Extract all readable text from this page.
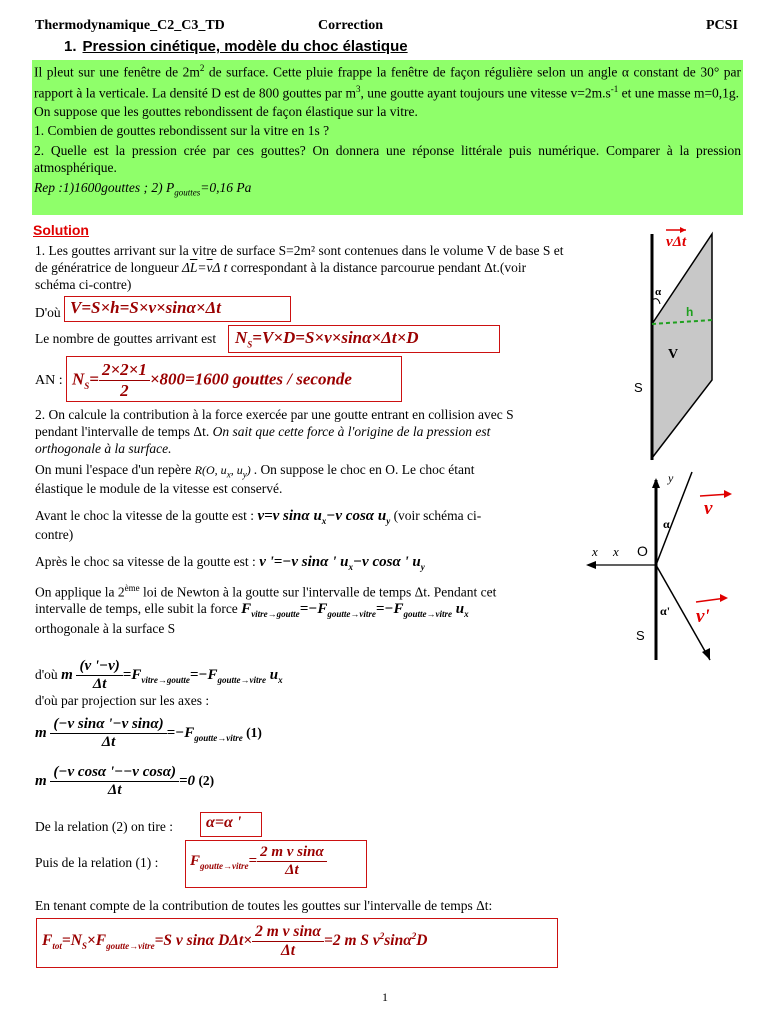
Thermodynamique_C2_C3_TD	Correction	PCSI
1. Pression cinétique, modèle du choc élastique

Il pleut sur une fenêtre de $2m^2$ de surface. Cette pluie frappe la fenêtre de façon régulière selon un angle α constant de 30° par rapport à la verticale. La densité D est de 800 gouttes par $m^3$, une goutte ayant toujours une vitesse $v=2m.s^{-1}$ et une masse m=0,1g.

On suppose que les gouttes rebondissent de façon élastique sur la vitre.

1. Combien de gouttes rebondissent sur la vitre en 1s ?

2. Quelle est la pression crée par ces gouttes? On donnera une réponse littérale puis numérique. Comparer à la pression atmosphérique.

Rep :1)1600gouttes ; 2) $P_{gouttes}=0,16$ Pa

Solution
1. Les gouttes arrivant sur la vitre de surface S=2m² sont contenues dans le volume V de base S et
de génératrice de longueur $\Delta\overline{L}=\overline{v}\Delta$ t correspondant à la distance parcourue pendant Δt.(voir
schéma ci-contre)
D'où V=S×h=S×v×sinα×Δt
Le nombre de gouttes arrivant est $N_S=V\times D=S\times v\times\sin\alpha\times\Delta t\times D$
AN : $N_S= \frac{2\times 2\times 1}{2} \times 800=1600$ gouttes / seconde
2. On calcule la contribution à la force exercée par une goutte entrant en collision avec S
pendant l'intervalle de temps Δt. On sait que cette force à l'origine de la pression est
orthogonale à la surface.
On muni l'espace d'un repère R(O, $u_x$, $u_y$) . On suppose le choc en O. Le choc étant
élastique le module de la vitesse est conservé.
Avant le choc la vitesse de la goutte est : v=v sinα $u_x-v$ cosα $u_y$ (voir schéma ci-
contre)
Après le choc sa vitesse de la goutte est : v '=−v sinα ' $u_x-v$ cosα ' $u_y$
On applique la 2ème loi de Newton à la goutte sur l'intervalle de temps Δt. Pendant cet
intervalle de temps, elle subit la force $F_{vitre\to goutte}=-F_{goutte\to vitre}=-F_{goutte\to vitre}$ $u_x$
orthogonale à la surface S
d'où m $\frac{(v '-v)}{\Delta t} =F_{vitre\to goutte}=-F_{goutte\to vitre}$ $u_x$
d'où par projection sur les axes :
m $\frac{\text{(−v sinα '−v sinα)}}{\Delta t} =-F_{goutte\to vitre}$ (1)
m $\frac{\text{(−v cosα '−−v cosα)}}{\Delta t} =0$ (2)
De la relation (2) on tire : α=α '
Puis de la relation (1) : $F_{goutte\to vitre}= \frac{\text{2 m v sinα}}{\Delta t}$
En tenant compte de la contribution de toutes les gouttes sur l'intervalle de temps Δt:
$F_{tot}=N_S\times F_{goutte\to vitre}=S$ v sinα $D\Delta t\times \frac{\text{2 m v sinα}}{\Delta t} =2$ m S $v^2\sin\alpha^2D$
α
h
V
S
vΔt
y
x x O
α
α'
v
v'
S
1
